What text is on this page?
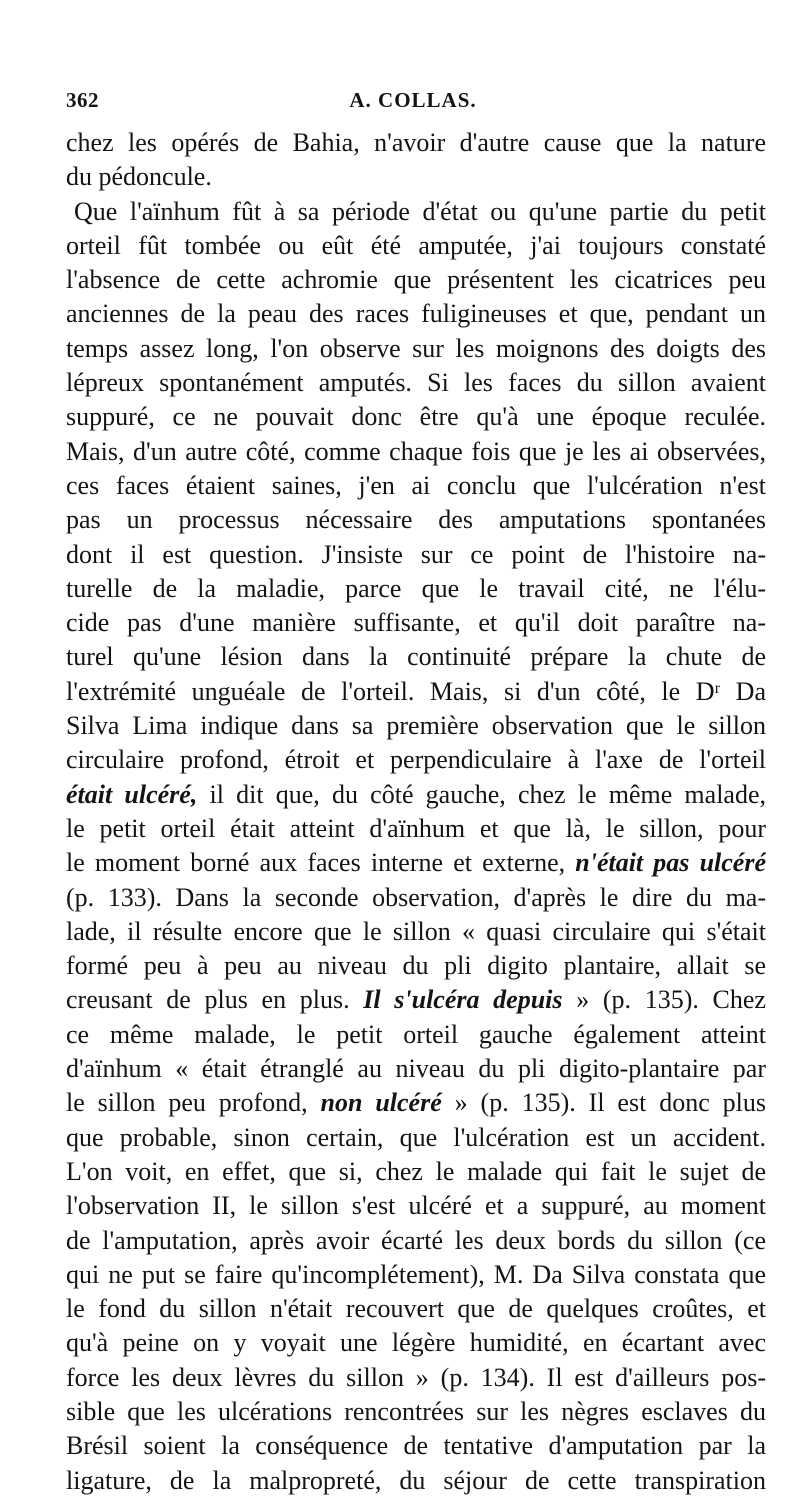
362	A. COLLAS.
chez les opérés de Bahia, n'avoir d'autre cause que la nature
du pédoncule.
Que l'aïnhum fût à sa période d'état ou qu'une partie du petit
orteil fût tombée ou eût été amputée, j'ai toujours constaté
l'absence de cette achromie que présentent les cicatrices peu
anciennes de la peau des races fuligineuses et que, pendant un
temps assez long, l'on observe sur les moignons des doigts des
lépreux spontanément amputés. Si les faces du sillon avaient
suppuré, ce ne pouvait donc être qu'à une époque reculée.
Mais, d'un autre côté, comme chaque fois que je les ai observées,
ces faces étaient saines, j'en ai conclu que l'ulcération n'est
pas un processus nécessaire des amputations spontanées
dont il est question. J'insiste sur ce point de l'histoire na-
turelle de la maladie, parce que le travail cité, ne l'élu-
cide pas d'une manière suffisante, et qu'il doit paraître na-
turel qu'une lésion dans la continuité prépare la chute de
l'extrémité unguéale de l'orteil. Mais, si d'un côté, le Dʳ Da
Silva Lima indique dans sa première observation que le sillon
circulaire profond, étroit et perpendiculaire à l'axe de l'orteil
était ulcéré, il dit que, du côté gauche, chez le même malade,
le petit orteil était atteint d'aïnhum et que là, le sillon, pour
le moment borné aux faces interne et externe, n'était pas ulcéré
(p. 133). Dans la seconde observation, d'après le dire du ma-
lade, il résulte encore que le sillon « quasi circulaire qui s'était
formé peu à peu au niveau du pli digito plantaire, allait se
creusant de plus en plus. Il s'ulcéra depuis » (p. 135). Chez
ce même malade, le petit orteil gauche également atteint
d'aïnhum « était étranglé au niveau du pli digito-plantaire par
le sillon peu profond, non ulcéré » (p. 135). Il est donc plus
que probable, sinon certain, que l'ulcération est un accident.
L'on voit, en effet, que si, chez le malade qui fait le sujet de
l'observation II, le sillon s'est ulcéré et a suppuré, au moment
de l'amputation, après avoir écarté les deux bords du sillon (ce
qui ne put se faire qu'incomplétement), M. Da Silva constata que
le fond du sillon n'était recouvert que de quelques croûtes, et
qu'à peine on y voyait une légère humidité, en écartant avec
force les deux lèvres du sillon » (p. 134). Il est d'ailleurs pos-
sible que les ulcérations rencontrées sur les nègres esclaves du
Brésil soient la conséquence de tentative d'amputation par la
ligature, de la malpropreté, du séjour de cette transpiration
